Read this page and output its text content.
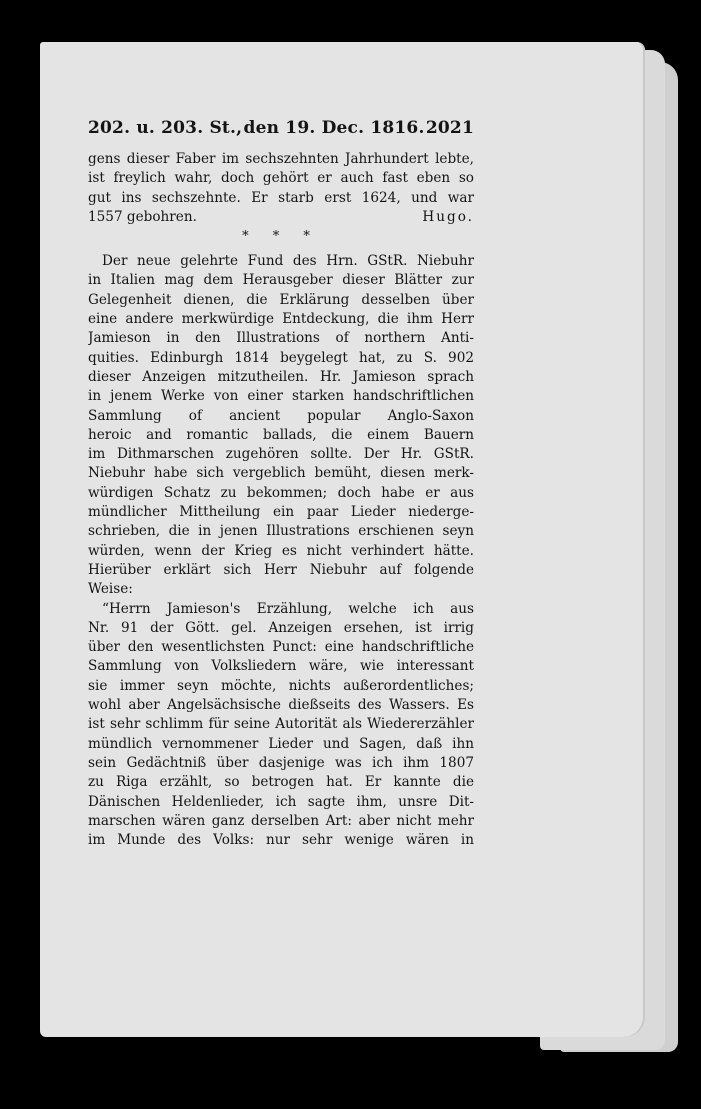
202. u. 203. St., den 19. Dec. 1816. 2021

gens dieser Faber im sechszehnten Jahrhundert lebte,
ist freylich wahr, doch gehört er auch fast eben so
gut ins sechszehnte. Er starb erst 1624, und war
1557 gebohren.	Hugo.

* * *

Der neue gelehrte Fund des Hrn. GStR. Niebuhr
in Italien mag dem Herausgeber dieser Blätter zur
Gelegenheit dienen, die Erklärung desselben über
eine andere merkwürdige Entdeckung, die ihm Herr
Jamieson in den Illustrations of northern Anti-
quities. Edinburgh 1814 beygelegt hat, zu S. 902
dieser Anzeigen mitzutheilen. Hr. Jamieson sprach
in jenem Werke von einer starken handschriftlichen
Sammlung of ancient popular Anglo-Saxon
heroic and romantic ballads, die einem Bauern
im Dithmarschen zugehören sollte. Der Hr. GStR.
Niebuhr habe sich vergeblich bemüht, diesen merk-
würdigen Schatz zu bekommen; doch habe er aus
mündlicher Mittheilung ein paar Lieder niederge-
schrieben, die in jenen Illustrations erschienen seyn
würden, wenn der Krieg es nicht verhindert hätte.
Hierüber erklärt sich Herr Niebuhr auf folgende
Weise:

“Herrn Jamieson's Erzählung, welche ich aus
Nr. 91 der Gött. gel. Anzeigen ersehen, ist irrig
über den wesentlichsten Punct: eine handschriftliche
Sammlung von Volksliedern wäre, wie interessant
sie immer seyn möchte, nichts außerordentliches;
wohl aber Angelsächsische dießseits des Wassers. Es
ist sehr schlimm für seine Autorität als Wiedererzähler
mündlich vernommener Lieder und Sagen, daß ihn
sein Gedächtniß über dasjenige was ich ihm 1807
zu Riga erzählt, so betrogen hat. Er kannte die
Dänischen Heldenlieder, ich sagte ihm, unsre Dit-
marschen wären ganz derselben Art: aber nicht mehr
im Munde des Volks: nur sehr wenige wären in
